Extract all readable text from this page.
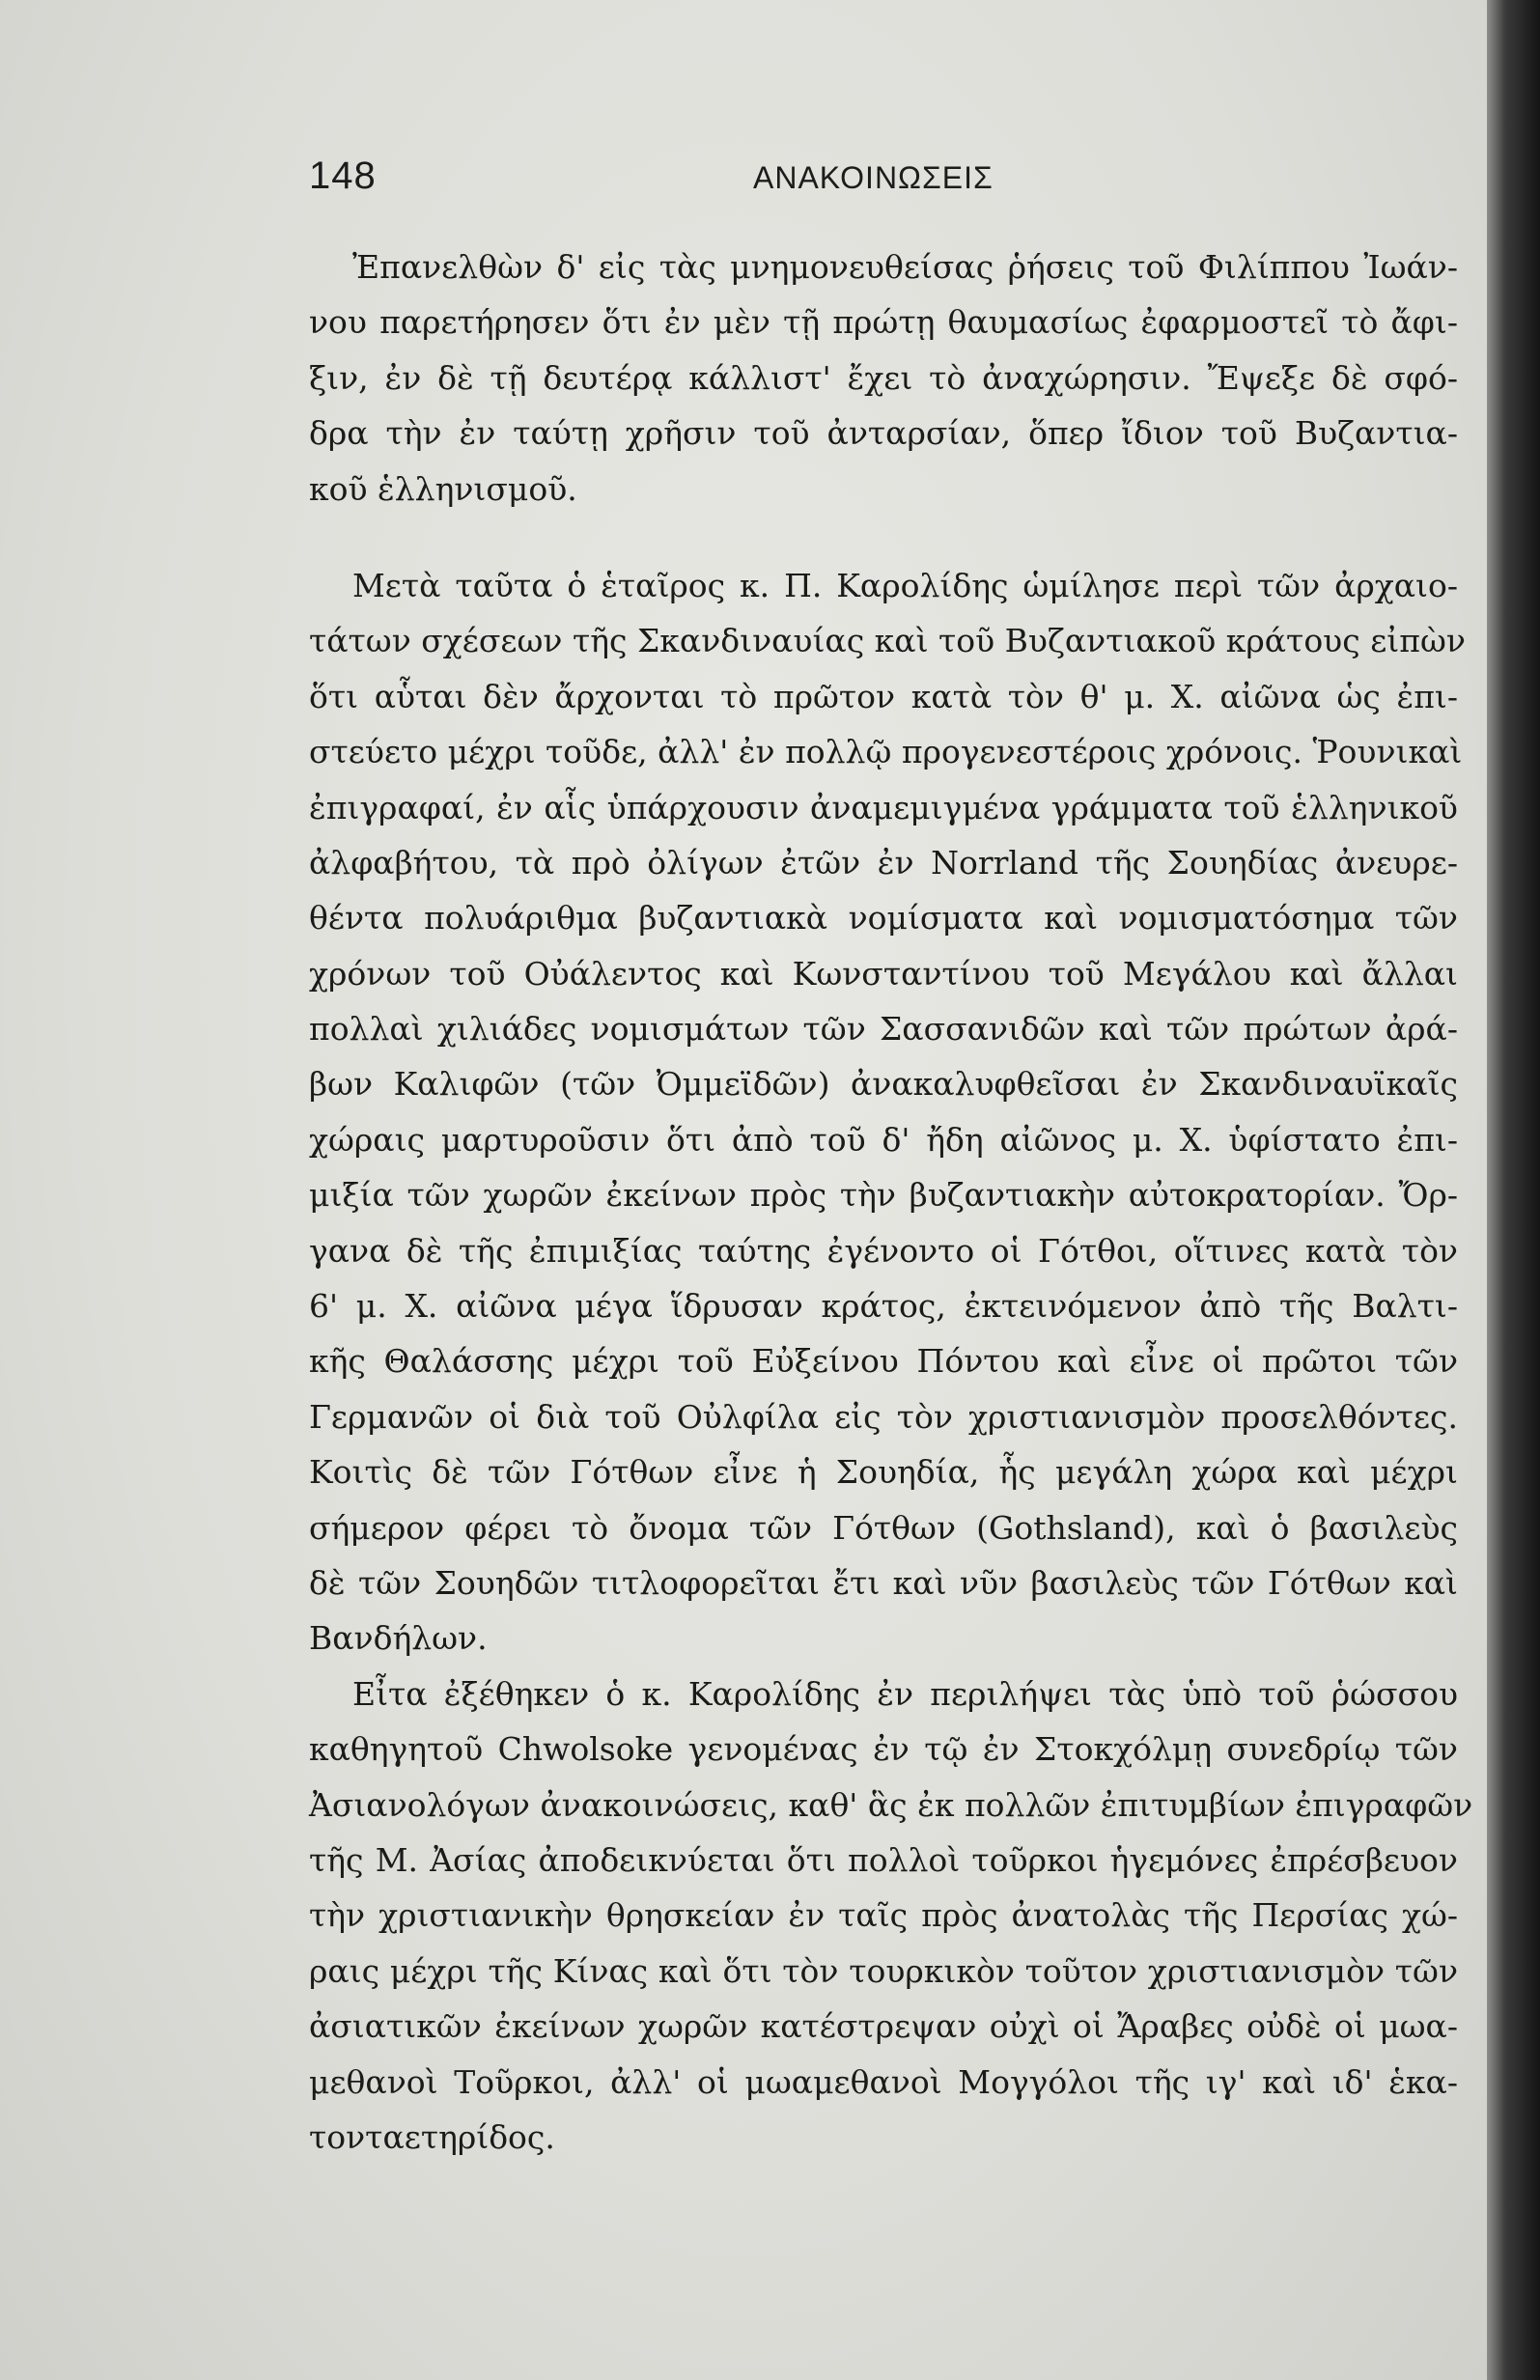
148	ΑΝΑΚΟΙΝΩΣΕΙΣ
Ἐπανελθὼν δ' εἰς τὰς μνημονευθείσας ῥήσεις τοῦ Φιλίππου Ἰωάν-
νου παρετήρησεν ὅτι ἐν μὲν τῇ πρώτῃ θαυμασίως ἐφαρμοστεῖ τὸ ἄφι-
ξιν, ἐν δὲ τῇ δευτέρᾳ κάλλιστ' ἔχει τὸ ἀναχώρησιν. Ἔψεξε δὲ σφό-
δρα τὴν ἐν ταύτῃ χρῆσιν τοῦ ἀνταρσίαν, ὅπερ ἴδιον τοῦ Βυζαντια-
κοῦ ἑλληνισμοῦ.
Μετὰ ταῦτα ὁ ἑταῖρος κ. Π. Καρολίδης ὡμίλησε περὶ τῶν ἀρχαιο-
τάτων σχέσεων τῆς Σκανδιναυίας καὶ τοῦ Βυζαντιακοῦ κράτους εἰπὼν
ὅτι αὗται δὲν ἄρχονται τὸ πρῶτον κατὰ τὸν θ' μ. Χ. αἰῶνα ὡς ἐπι-
στεύετο μέχρι τοῦδε, ἀλλ' ἐν πολλῷ προγενεστέροις χρόνοις. Ῥουνικαὶ
ἐπιγραφαί, ἐν αἷς ὑπάρχουσιν ἀναμεμιγμένα γράμματα τοῦ ἑλληνικοῦ
ἀλφαβήτου, τὰ πρὸ ὀλίγων ἐτῶν ἐν Norrland τῆς Σουηδίας ἀνευρε-
θέντα πολυάριθμα βυζαντιακὰ νομίσματα καὶ νομισματόσημα τῶν
χρόνων τοῦ Οὐάλεντος καὶ Κωνσταντίνου τοῦ Μεγάλου καὶ ἄλλαι
πολλαὶ χιλιάδες νομισμάτων τῶν Σασσανιδῶν καὶ τῶν πρώτων ἀρά-
βων Καλιφῶν (τῶν Ὀμμεϊδῶν) ἀνακαλυφθεῖσαι ἐν Σκανδιναυϊκαῖς
χώραις μαρτυροῦσιν ὅτι ἀπὸ τοῦ δ' ἤδη αἰῶνος μ. Χ. ὑφίστατο ἐπι-
μιξία τῶν χωρῶν ἐκείνων πρὸς τὴν βυζαντιακὴν αὐτοκρατορίαν. Ὄρ-
γανα δὲ τῆς ἐπιμιξίας ταύτης ἐγένοντο οἱ Γότθοι, οἵτινες κατὰ τὸν
6' μ. Χ. αἰῶνα μέγα ἵδρυσαν κράτος, ἐκτεινόμενον ἀπὸ τῆς Βαλτι-
κῆς Θαλάσσης μέχρι τοῦ Εὐξείνου Πόντου καὶ εἶνε οἱ πρῶτοι τῶν
Γερμανῶν οἱ διὰ τοῦ Οὐλφίλα εἰς τὸν χριστιανισμὸν προσελθόντες.
Κοιτὶς δὲ τῶν Γότθων εἶνε ἡ Σουηδία, ἧς μεγάλη χώρα καὶ μέχρι
σήμερον φέρει τὸ ὄνομα τῶν Γότθων (Gothsland), καὶ ὁ βασιλεὺς
δὲ τῶν Σουηδῶν τιτλοφορεῖται ἔτι καὶ νῦν βασιλεὺς τῶν Γότθων καὶ
Βανδήλων.
Εἶτα ἐξέθηκεν ὁ κ. Καρολίδης ἐν περιλήψει τὰς ὑπὸ τοῦ ῥώσσου
καθηγητοῦ Chwolsoke γενομένας ἐν τῷ ἐν Στοκχόλμῃ συνεδρίῳ τῶν
Ἀσιανολόγων ἀνακοινώσεις, καθ' ἃς ἐκ πολλῶν ἐπιτυμβίων ἐπιγραφῶν
τῆς Μ. Ἀσίας ἀποδεικνύεται ὅτι πολλοὶ τοῦρκοι ἡγεμόνες ἐπρέσβευον
τὴν χριστιανικὴν θρησκείαν ἐν ταῖς πρὸς ἀνατολὰς τῆς Περσίας χώ-
ραις μέχρι τῆς Κίνας καὶ ὅτι τὸν τουρκικὸν τοῦτον χριστιανισμὸν τῶν
ἀσιατικῶν ἐκείνων χωρῶν κατέστρεψαν οὐχὶ οἱ Ἄραβες οὐδὲ οἱ μωα-
μεθανοὶ Τοῦρκοι, ἀλλ' οἱ μωαμεθανοὶ Μογγόλοι τῆς ιγ' καὶ ιδ' ἑκα-
τονταετηρίδος.
